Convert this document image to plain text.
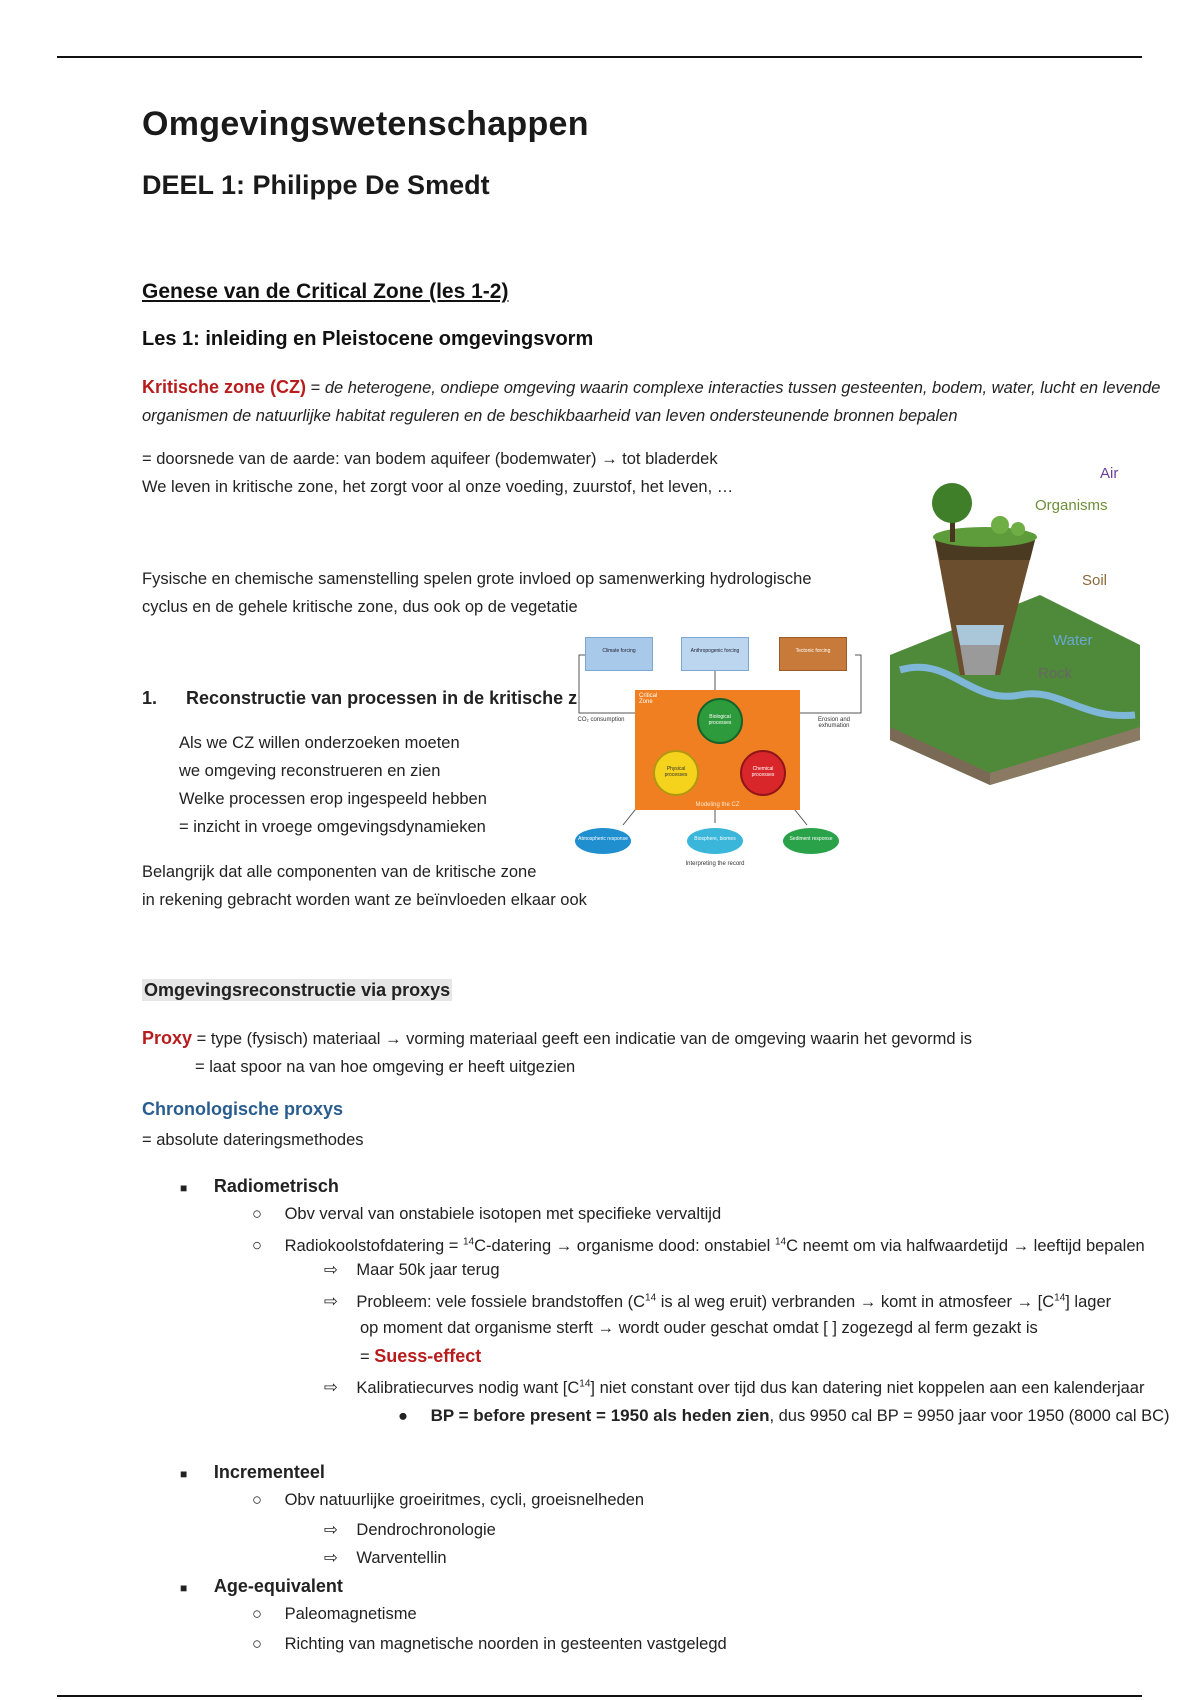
Omgevingswetenschappen
DEEL 1: Philippe De Smedt
Genese van de Critical Zone (les 1-2)
Les 1: inleiding en Pleistocene omgevingsvorm
Kritische zone (CZ) = de heterogene, ondiepe omgeving waarin complexe interacties tussen gesteenten, bodem, water, lucht en levende
organismen de natuurlijke habitat reguleren en de beschikbaarheid van leven ondersteunende bronnen bepalen
= doorsnede van de aarde: van bodem aquifeer (bodemwater) → tot bladerdek
We leven in kritische zone, het zorgt voor al onze voeding, zuurstof, het leven, …
Fysische en chemische samenstelling spelen grote invloed op samenwerking hydrologische
cyclus en de gehele kritische zone, dus ook op de vegetatie
Air
Organisms
Soil
Water
Rock
Climate forcing	Anthropogenic forcing	Tectonic forcing
CO₂ consumption	Erosion and exhumation
Critical Zone
Modeling the CZ
Biological processes
Physical processes
Chemical processes
Atmospheric response	Biosphere, biomes	Sediment response
Interpreting the record
1. Reconstructie van processen in de kritische z
Als we CZ willen onderzoeken moeten
we omgeving reconstrueren en zien
Welke processen erop ingespeeld hebben
= inzicht in vroege omgevingsdynamieken
Belangrijk dat alle componenten van de kritische zone
in rekening gebracht worden want ze beïnvloeden elkaar ook
Omgevingsreconstructie via proxys
Proxy = type (fysisch) materiaal → vorming materiaal geeft een indicatie van de omgeving waarin het gevormd is
= laat spoor na van hoe omgeving er heeft uitgezien
Chronologische proxys
= absolute dateringsmethodes
■ Radiometrisch
○ Obv verval van onstabiele isotopen met specifieke vervaltijd
○ Radiokoolstofdatering = $^{14}$C-datering → organisme dood: onstabiel $^{14}$C neemt om via halfwaardetijd → leeftijd bepalen
⇨ Maar 50k jaar terug
⇨ Probleem: vele fossiele brandstoffen ($C^{14}$ is al weg eruit) verbranden → komt in atmosfeer → $[C^{14}]$ lager
op moment dat organisme sterft → wordt ouder geschat omdat [ ] zogezegd al ferm gezakt is
= Suess-effect
⇨ Kalibratiecurves nodig want $[C^{14}]$ niet constant over tijd dus kan datering niet koppelen aan een kalenderjaar
● BP = before present = 1950 als heden zien, dus 9950 cal BP = 9950 jaar voor 1950 (8000 cal BC)
■ Incrementeel
○ Obv natuurlijke groeiritmes, cycli, groeisnelheden
⇨ Dendrochronologie
⇨ Warventellin
■ Age-equivalent
○ Paleomagnetisme
○ Richting van magnetische noorden in gesteenten vastgelegd
